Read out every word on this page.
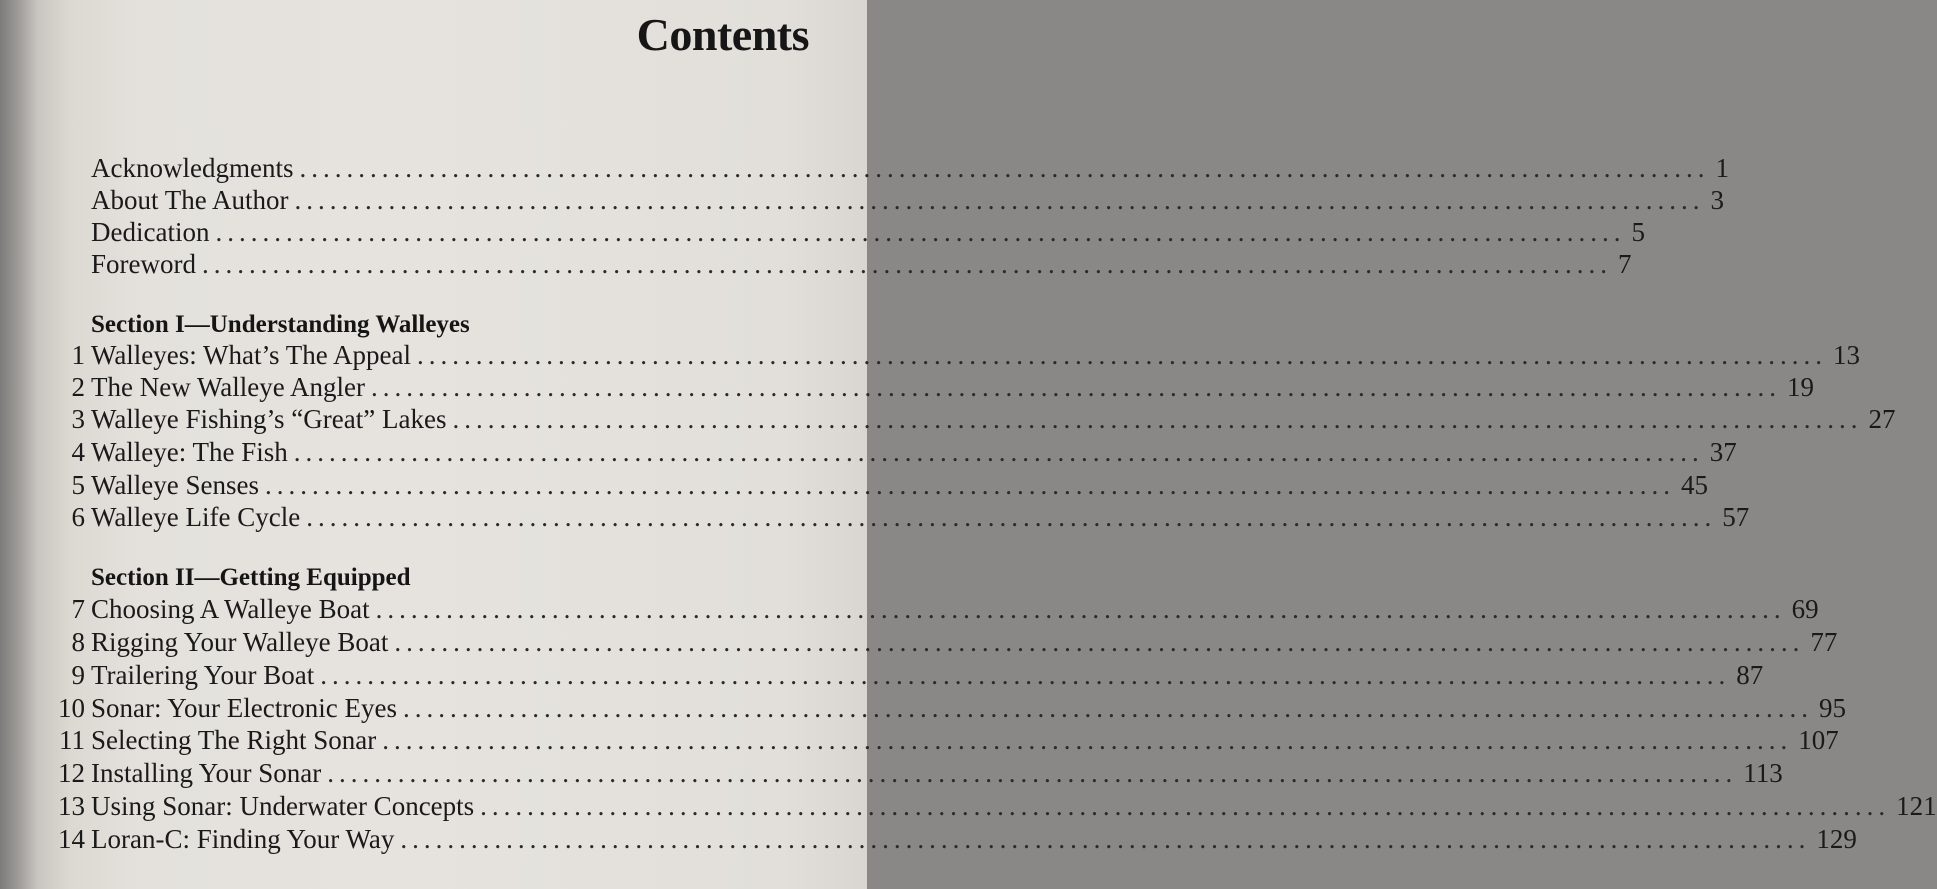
Contents
Acknowledgments ........................................................................................................................ 1
About The Author ........................................................................................................................ 3
Dedication ........................................................................................................................ 5
Foreword ........................................................................................................................ 7
Section I—Understanding Walleyes
1 Walleyes: What’s The Appeal ........................................................................................................................ 13
2 The New Walleye Angler ........................................................................................................................ 19
3 Walleye Fishing’s “Great” Lakes ........................................................................................................................ 27
4 Walleye: The Fish ........................................................................................................................ 37
5 Walleye Senses ........................................................................................................................ 45
6 Walleye Life Cycle ........................................................................................................................ 57
Section II—Getting Equipped
7 Choosing A Walleye Boat ........................................................................................................................ 69
8 Rigging Your Walleye Boat ........................................................................................................................ 77
9 Trailering Your Boat ........................................................................................................................ 87
10 Sonar: Your Electronic Eyes ........................................................................................................................ 95
11 Selecting The Right Sonar ........................................................................................................................ 107
12 Installing Your Sonar ........................................................................................................................ 113
13 Using Sonar: Underwater Concepts ........................................................................................................................ 121
14 Loran-C: Finding Your Way ........................................................................................................................ 129
